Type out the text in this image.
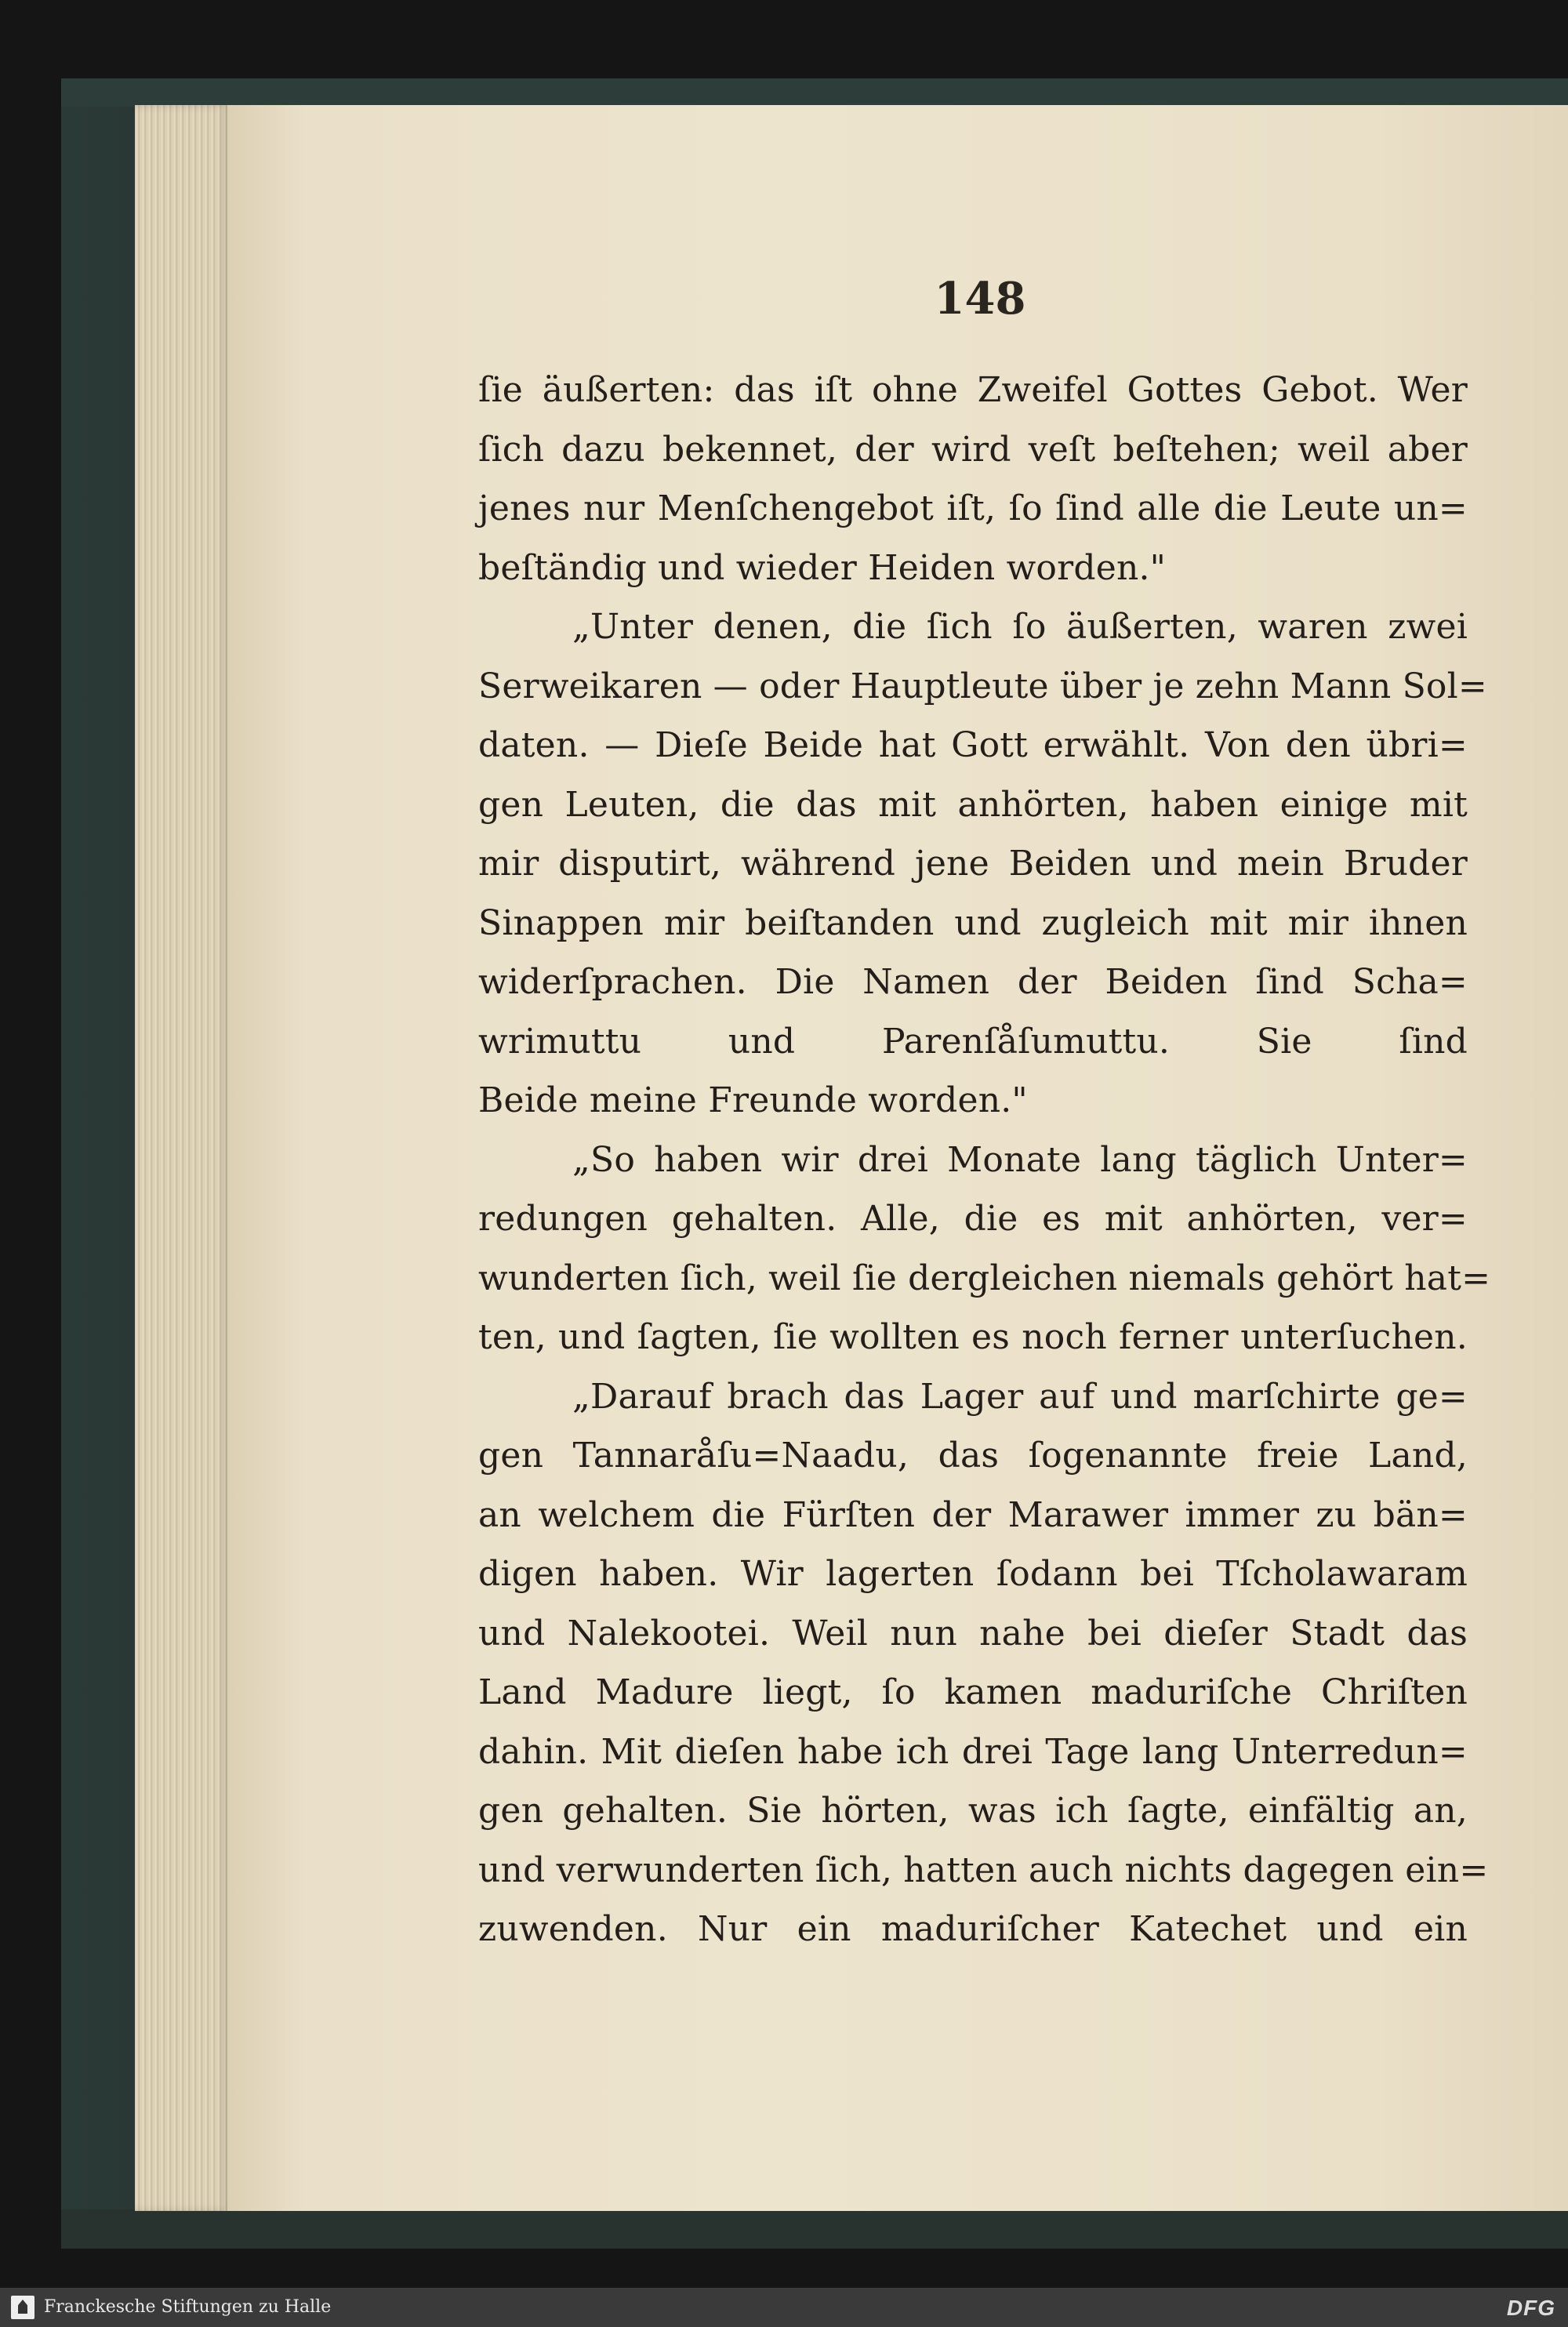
148
ſie äußerten: das iſt ohne Zweifel Gottes Gebot. Wer
ſich dazu bekennet, der wird veſt beſtehen; weil aber
jenes nur Menſchengebot iſt, ſo ſind alle die Leute un=
beſtändig und wieder Heiden worden."
„Unter denen, die ſich ſo äußerten, waren zwei
Serweikaren — oder Hauptleute über je zehn Mann Sol=
daten. — Dieſe Beide hat Gott erwählt. Von den übri=
gen Leuten, die das mit anhörten, haben einige mit
mir disputirt, während jene Beiden und mein Bruder
Sinappen mir beiſtanden und zugleich mit mir ihnen
widerſprachen. Die Namen der Beiden ſind Scha=
wrimuttu und Parenſåſumuttu. Sie ſind
Beide meine Freunde worden."
„So haben wir drei Monate lang täglich Unter=
redungen gehalten. Alle, die es mit anhörten, ver=
wunderten ſich, weil ſie dergleichen niemals gehört hat=
ten, und ſagten, ſie wollten es noch ferner unterſuchen.
„Darauf brach das Lager auf und marſchirte ge=
gen Tannaråſu=Naadu, das ſogenannte freie Land,
an welchem die Fürſten der Marawer immer zu bän=
digen haben. Wir lagerten ſodann bei Tſcholawaram
und Nalekootei. Weil nun nahe bei dieſer Stadt das
Land Madure liegt, ſo kamen maduriſche Chriſten
dahin. Mit dieſen habe ich drei Tage lang Unterredun=
gen gehalten. Sie hörten, was ich ſagte, einfältig an,
und verwunderten ſich, hatten auch nichts dagegen ein=
zuwenden. Nur ein maduriſcher Katechet und ein
Franckesche Stiftungen zu Halle	DFG
